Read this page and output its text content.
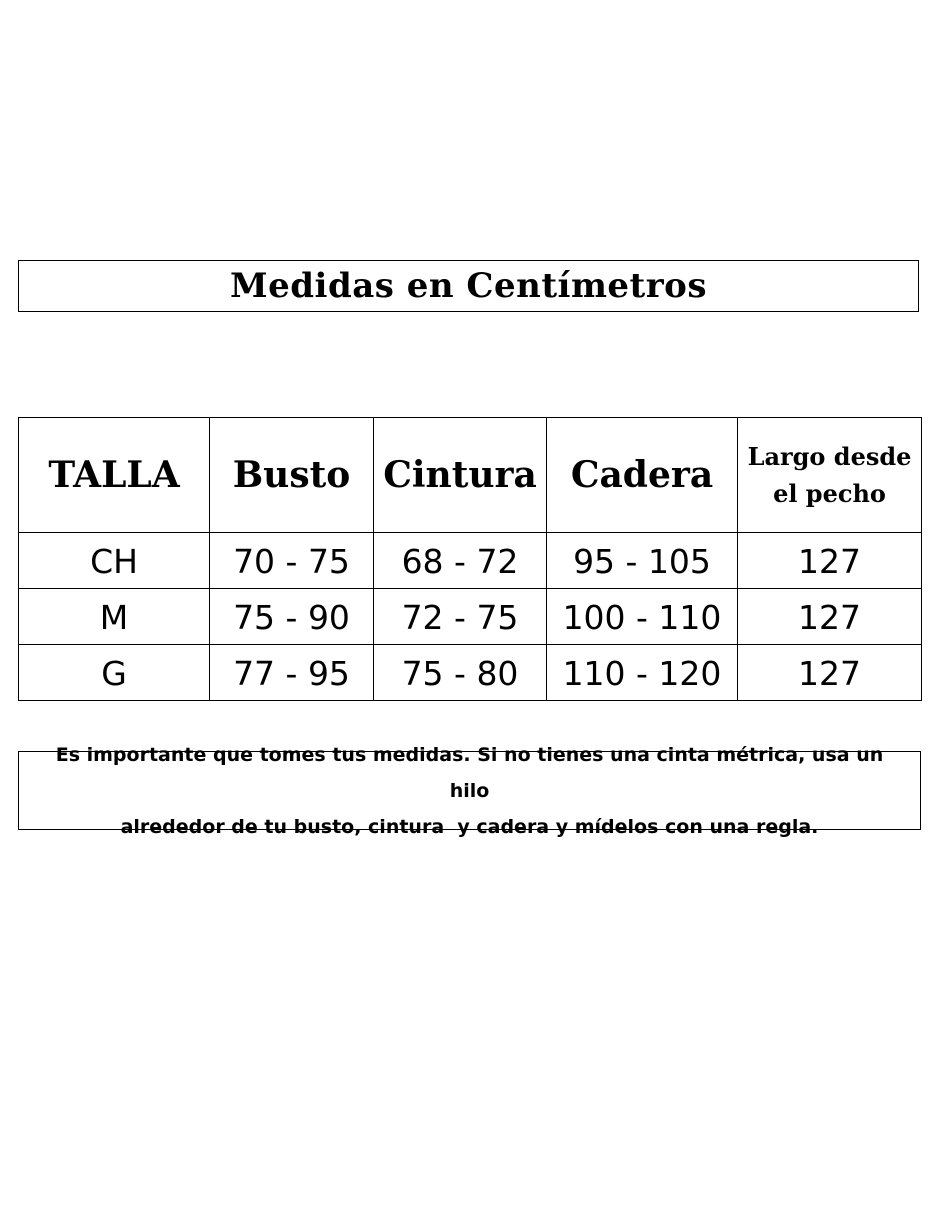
Medidas en Centímetros
TALLA	Busto	Cintura	Cadera	Largo desde el pecho
CH	70 - 75	68 - 72	95 - 105	127
M	75 - 90	72 - 75	100 - 110	127
G	77 - 95	75 - 80	110 - 120	127
Es importante que tomes tus medidas. Si no tienes una cinta métrica, usa un hilo
alrededor de tu busto, cintura  y cadera y mídelos con una regla.
